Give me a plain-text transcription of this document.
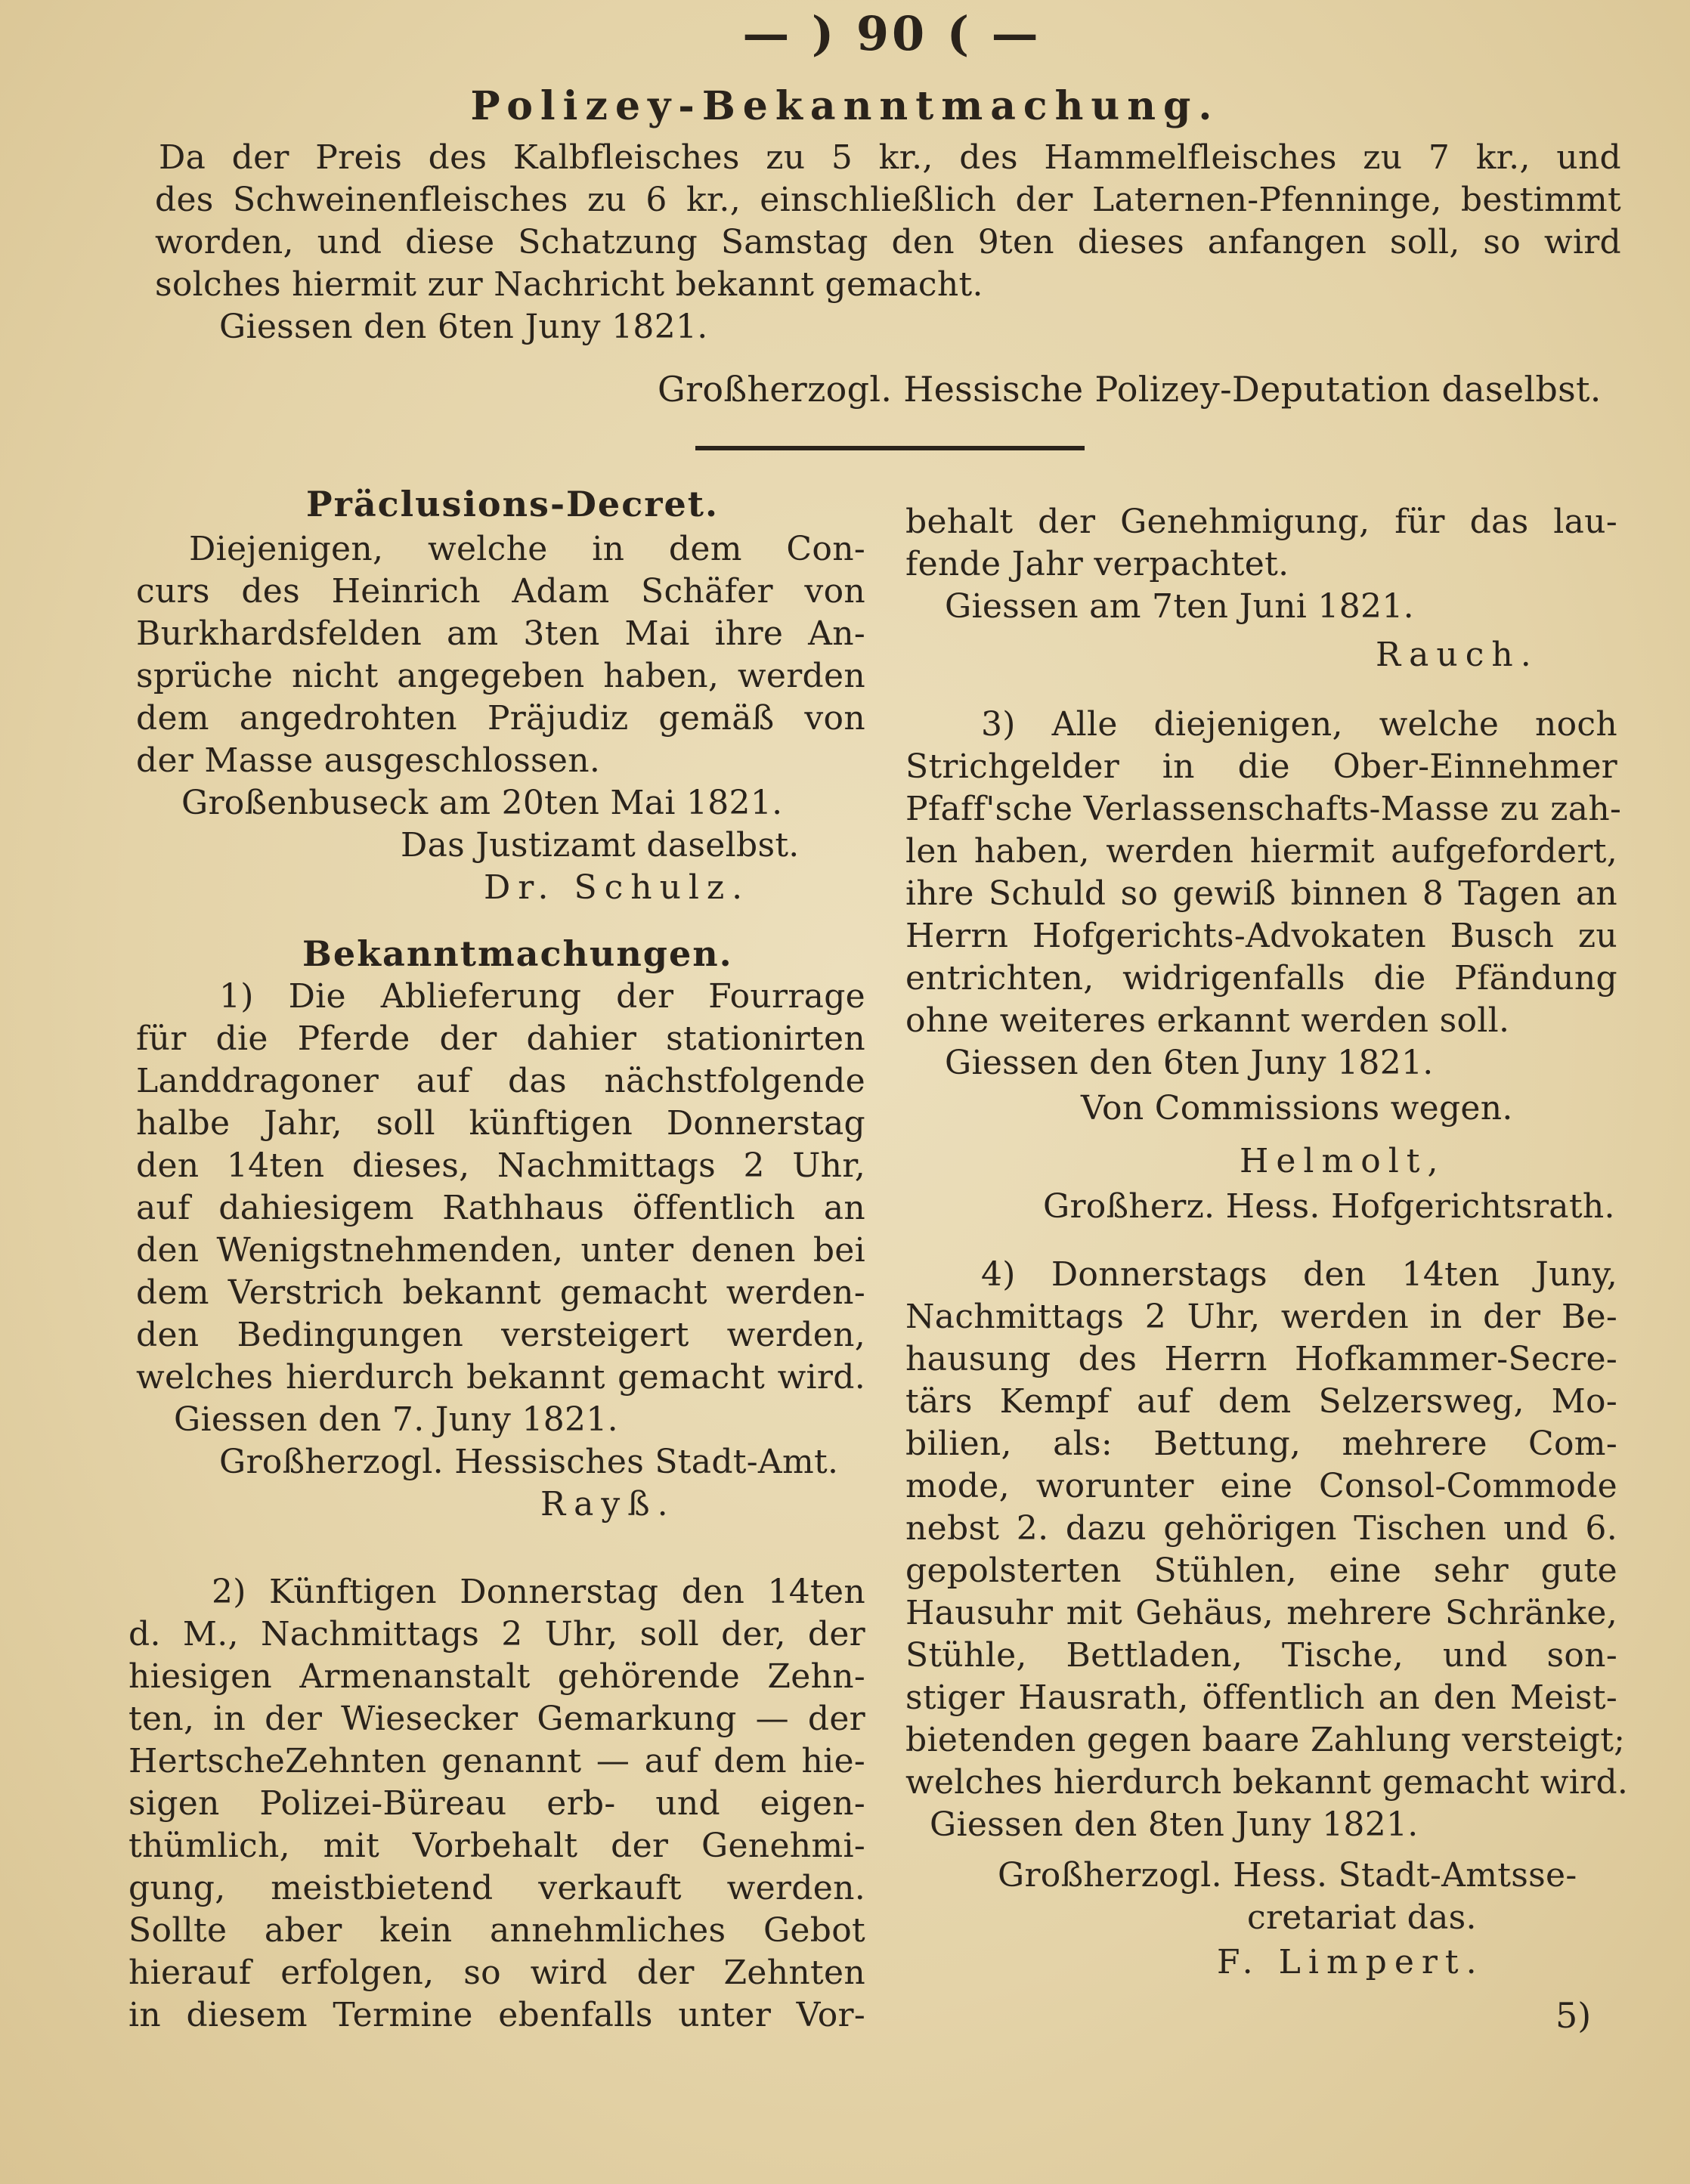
— ) 90 ( —
Polizey-Bekanntmachung.
Da der Preis des Kalbfleisches zu 5 kr., des Hammelfleisches zu 7 kr., und
des Schweinenfleisches zu 6 kr., einschließlich der Laternen-Pfenninge, bestimmt
worden, und diese Schatzung Samstag den 9ten dieses anfangen soll, so wird
solches hiermit zur Nachricht bekannt gemacht.
Giessen den 6ten Juny 1821.
Großherzogl. Hessische Polizey-Deputation daselbst.
Präclusions-Decret.
Diejenigen, welche in dem Con-
curs des Heinrich Adam Schäfer von
Burkhardsfelden am 3ten Mai ihre An-
sprüche nicht angegeben haben, werden
dem angedrohten Präjudiz gemäß von
der Masse ausgeschlossen.
Großenbuseck am 20ten Mai 1821.
Das Justizamt daselbst.
Dr. Schulz.
Bekanntmachungen.
1) Die Ablieferung der Fourrage
für die Pferde der dahier stationirten
Landdragoner auf das nächstfolgende
halbe Jahr, soll künftigen Donnerstag
den 14ten dieses, Nachmittags 2 Uhr,
auf dahiesigem Rathhaus öffentlich an
den Wenigstnehmenden, unter denen bei
dem Verstrich bekannt gemacht werden-
den Bedingungen versteigert werden,
welches hierdurch bekannt gemacht wird.
Giessen den 7. Juny 1821.
Großherzogl. Hessisches Stadt-Amt.
Rayß.
2) Künftigen Donnerstag den 14ten
d. M., Nachmittags 2 Uhr, soll der, der
hiesigen Armenanstalt gehörende Zehn-
ten, in der Wiesecker Gemarkung — der
HertscheZehnten genannt — auf dem hie-
sigen Polizei-Büreau erb- und eigen-
thümlich, mit Vorbehalt der Genehmi-
gung, meistbietend verkauft werden.
Sollte aber kein annehmliches Gebot
hierauf erfolgen, so wird der Zehnten
in diesem Termine ebenfalls unter Vor-
behalt der Genehmigung, für das lau-
fende Jahr verpachtet.
Giessen am 7ten Juni 1821.
Rauch.
3) Alle diejenigen, welche noch
Strichgelder in die Ober-Einnehmer
Pfaff'sche Verlassenschafts-Masse zu zah-
len haben, werden hiermit aufgefordert,
ihre Schuld so gewiß binnen 8 Tagen an
Herrn Hofgerichts-Advokaten Busch zu
entrichten, widrigenfalls die Pfändung
ohne weiteres erkannt werden soll.
Giessen den 6ten Juny 1821.
Von Commissions wegen.
Helmolt,
Großherz. Hess. Hofgerichtsrath.
4) Donnerstags den 14ten Juny,
Nachmittags 2 Uhr, werden in der Be-
hausung des Herrn Hofkammer-Secre-
tärs Kempf auf dem Selzersweg, Mo-
bilien, als: Bettung, mehrere Com-
mode, worunter eine Consol-Commode
nebst 2. dazu gehörigen Tischen und 6.
gepolsterten Stühlen, eine sehr gute
Hausuhr mit Gehäus, mehrere Schränke,
Stühle, Bettladen, Tische, und son-
stiger Hausrath, öffentlich an den Meist-
bietenden gegen baare Zahlung versteigt;
welches hierdurch bekannt gemacht wird.
Giessen den 8ten Juny 1821.
Großherzogl. Hess. Stadt-Amtsse-
cretariat das.
F. Limpert.
5)
